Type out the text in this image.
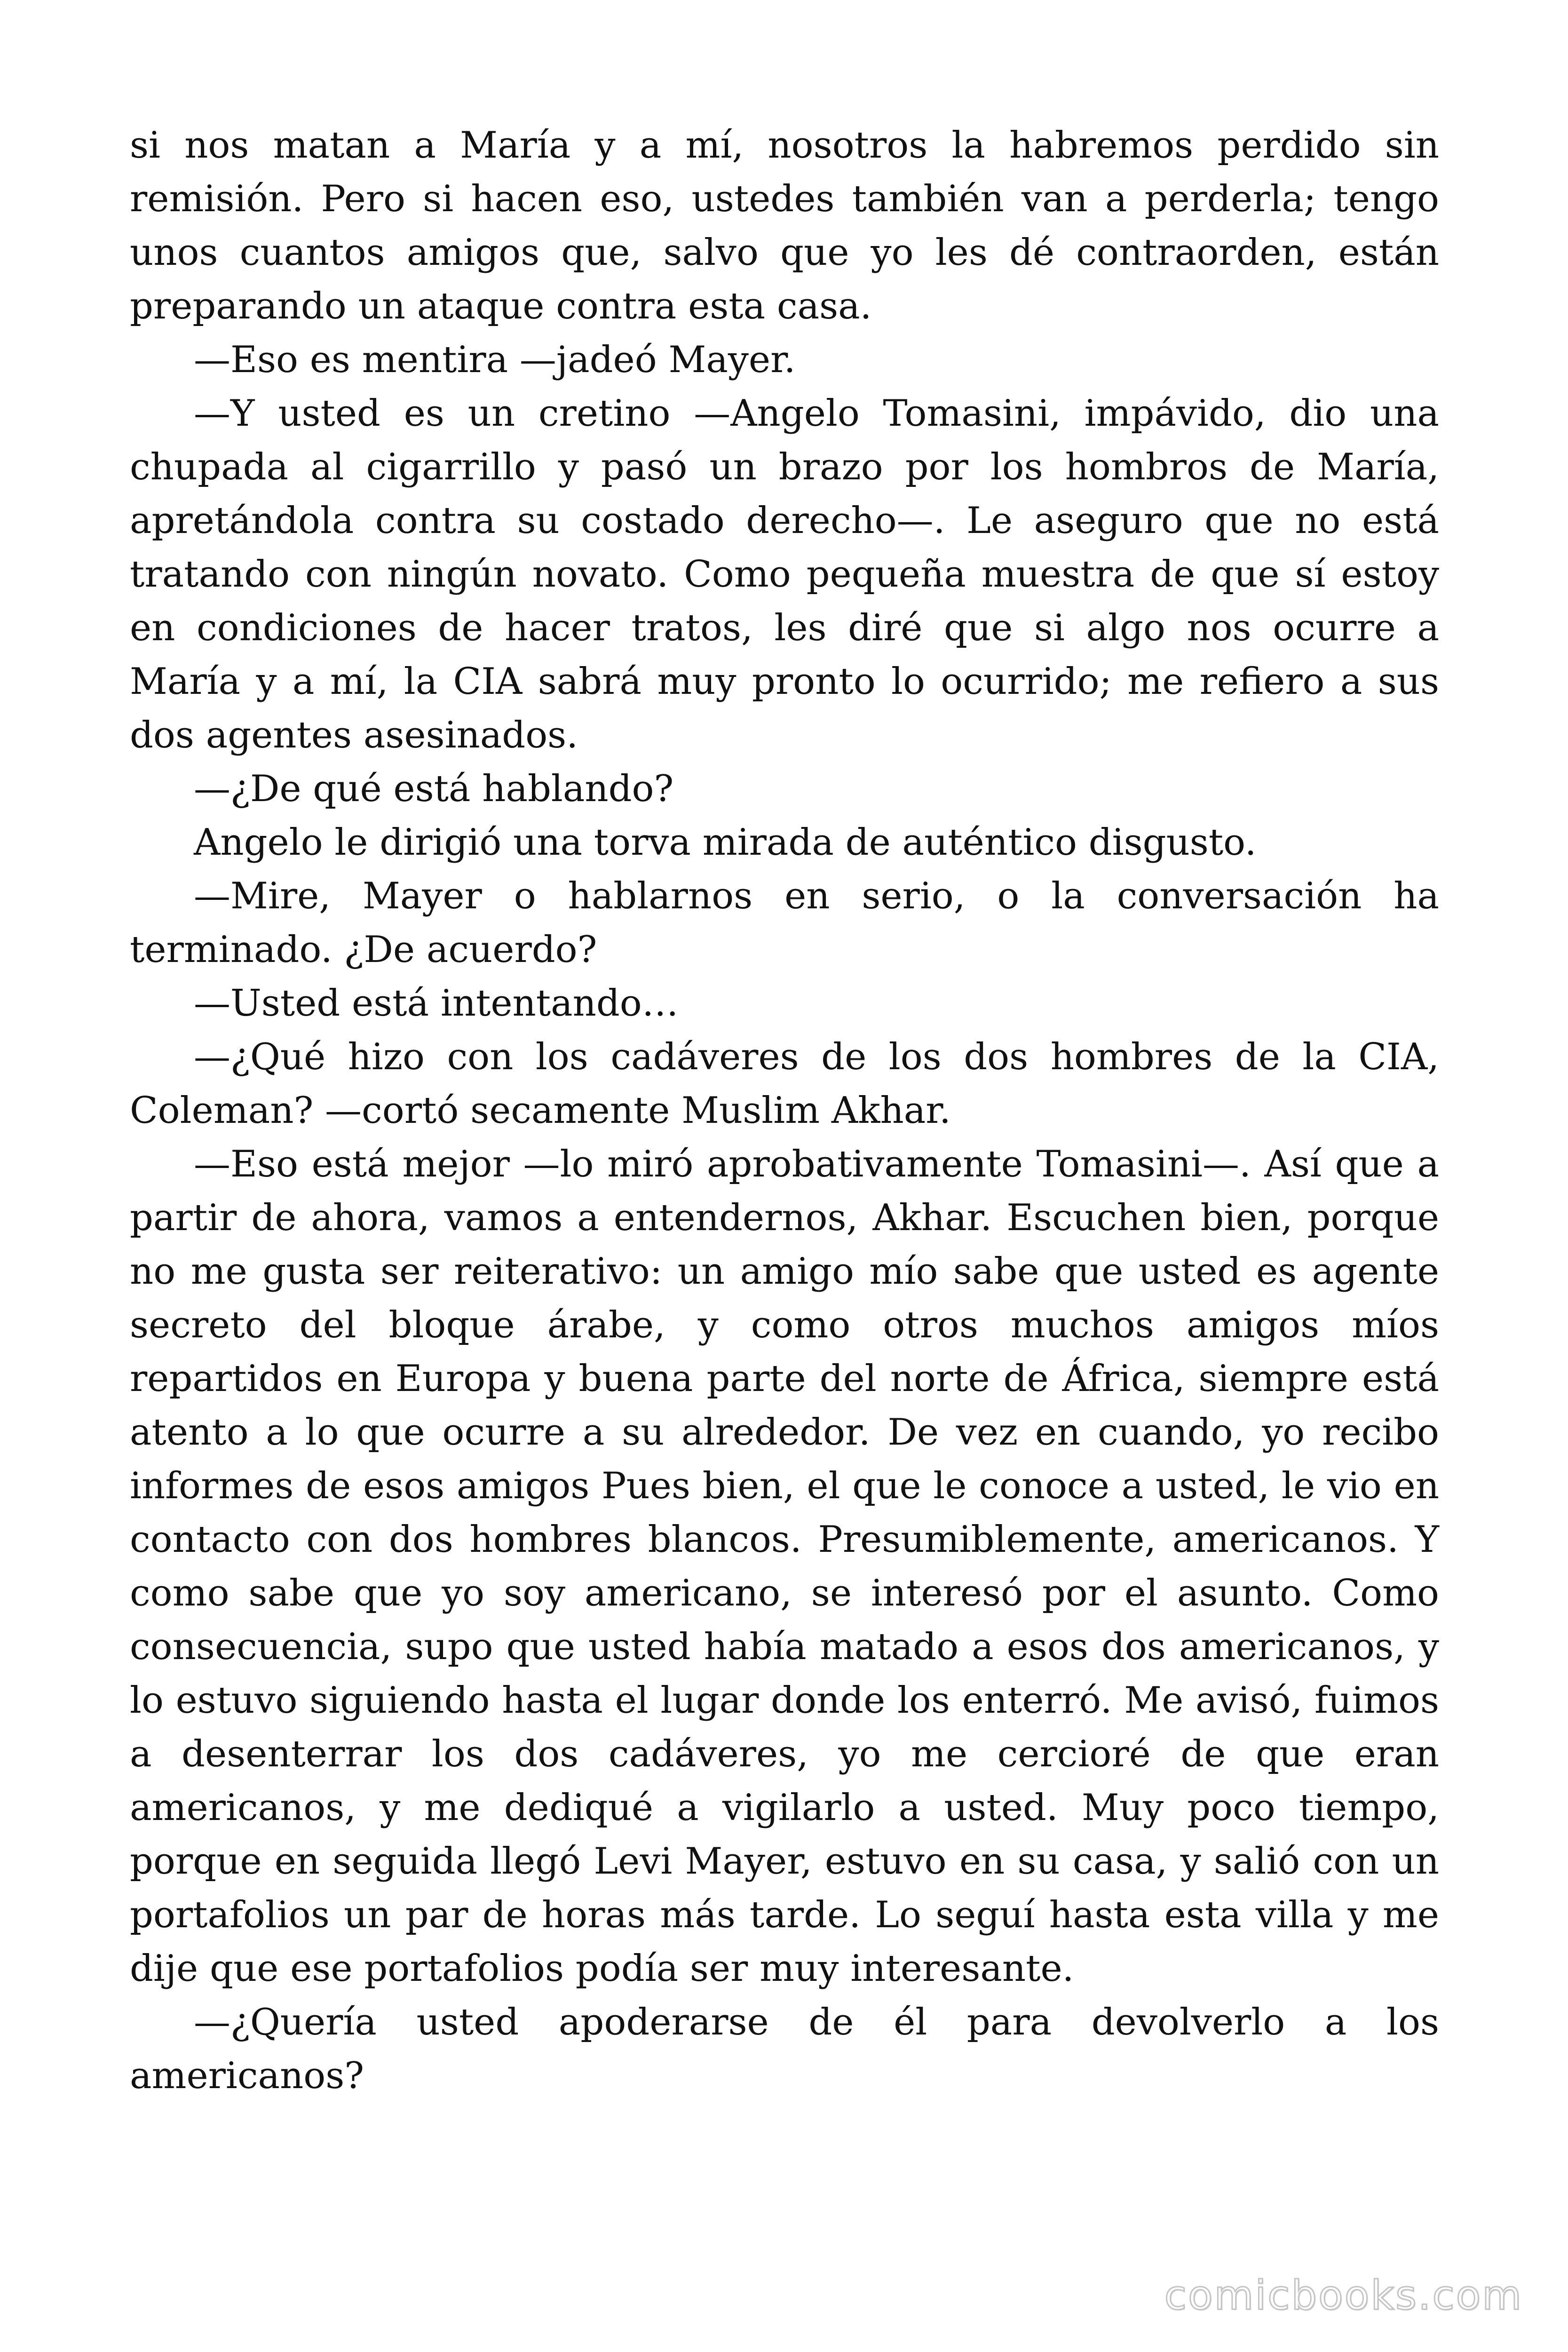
si nos matan a María y a mí, nosotros la habremos perdido sin remisión. Pero si hacen eso, ustedes también van a perderla; tengo unos cuantos amigos que, salvo que yo les dé contraorden, están preparando un ataque contra esta casa.

—Eso es mentira —jadeó Mayer.

—Y usted es un cretino —Angelo Tomasini, impávido, dio una chupada al cigarrillo y pasó un brazo por los hombros de María, apretándola contra su costado derecho—. Le aseguro que no está tratando con ningún novato. Como pequeña muestra de que sí estoy en condiciones de hacer tratos, les diré que si algo nos ocurre a María y a mí, la CIA sabrá muy pronto lo ocurrido; me refiero a sus dos agentes asesinados.

—¿De qué está hablando?

Angelo le dirigió una torva mirada de auténtico disgusto.

—Mire, Mayer o hablarnos en serio, o la conversación ha terminado. ¿De acuerdo?

—Usted está intentando…

—¿Qué hizo con los cadáveres de los dos hombres de la CIA, Coleman? —cortó secamente Muslim Akhar.

—Eso está mejor —lo miró aprobativamente Tomasini—. Así que a partir de ahora, vamos a entendernos, Akhar. Escuchen bien, porque no me gusta ser reiterativo: un amigo mío sabe que usted es agente secreto del bloque árabe, y como otros muchos amigos míos repartidos en Europa y buena parte del norte de África, siempre está atento a lo que ocurre a su alrededor. De vez en cuando, yo recibo informes de esos amigos Pues bien, el que le conoce a usted, le vio en contacto con dos hombres blancos. Presumiblemente, americanos. Y como sabe que yo soy americano, se interesó por el asunto. Como consecuencia, supo que usted había matado a esos dos americanos, y lo estuvo siguiendo hasta el lugar donde los enterró. Me avisó, fuimos a desenterrar los dos cadáveres, yo me cercioré de que eran americanos, y me dediqué a vigilarlo a usted. Muy poco tiempo, porque en seguida llegó Levi Mayer, estuvo en su casa, y salió con un portafolios un par de horas más tarde. Lo seguí hasta esta villa y me dije que ese portafolios podía ser muy interesante.

—¿Quería usted apoderarse de él para devolverlo a los americanos?

comicbooks.com
